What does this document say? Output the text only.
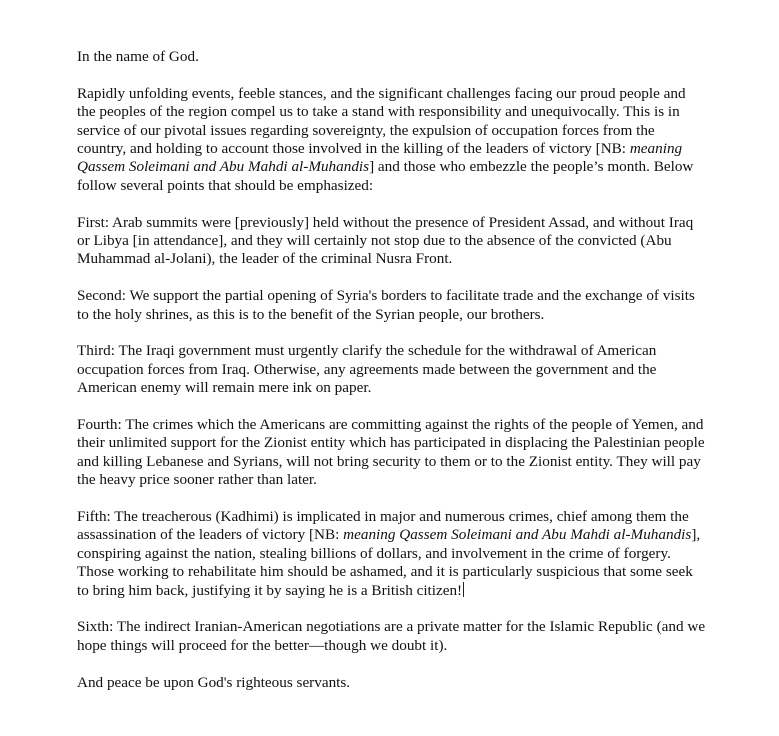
In the name of God.

Rapidly unfolding events, feeble stances, and the significant challenges facing our proud people and the peoples of the region compel us to take a stand with responsibility and unequivocally. This is in service of our pivotal issues regarding sovereignty, the expulsion of occupation forces from the country, and holding to account those involved in the killing of the leaders of victory [NB: meaning Qassem Soleimani and Abu Mahdi al-Muhandis] and those who embezzle the people’s month. Below follow several points that should be emphasized:

First: Arab summits were [previously] held without the presence of President Assad, and without Iraq or Libya [in attendance], and they will certainly not stop due to the absence of the convicted (Abu Muhammad al-Jolani), the leader of the criminal Nusra Front.

Second: We support the partial opening of Syria's borders to facilitate trade and the exchange of visits to the holy shrines, as this is to the benefit of the Syrian people, our brothers.

Third: The Iraqi government must urgently clarify the schedule for the withdrawal of American occupation forces from Iraq. Otherwise, any agreements made between the government and the American enemy will remain mere ink on paper.

Fourth: The crimes which the Americans are committing against the rights of the people of Yemen, and their unlimited support for the Zionist entity which has participated in displacing the Palestinian people and killing Lebanese and Syrians, will not bring security to them or to the Zionist entity. They will pay the heavy price sooner rather than later.

Fifth: The treacherous (Kadhimi) is implicated in major and numerous crimes, chief among them the assassination of the leaders of victory [NB: meaning Qassem Soleimani and Abu Mahdi al-Muhandis], conspiring against the nation, stealing billions of dollars, and involvement in the crime of forgery. Those working to rehabilitate him should be ashamed, and it is particularly suspicious that some seek to bring him back, justifying it by saying he is a British citizen!

Sixth: The indirect Iranian-American negotiations are a private matter for the Islamic Republic (and we hope things will proceed for the better—though we doubt it).

And peace be upon God's righteous servants.
